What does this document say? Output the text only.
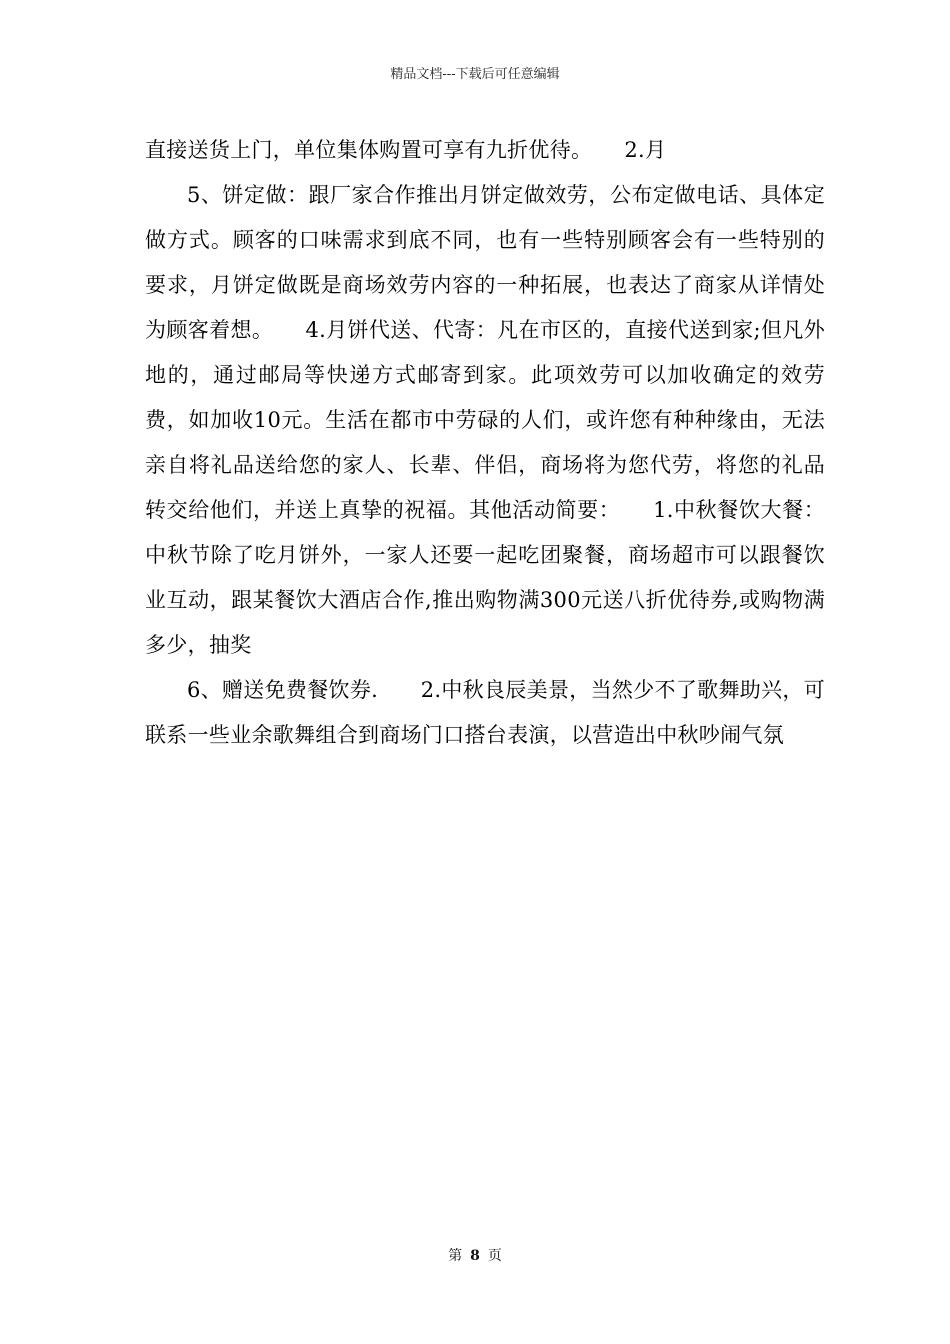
精品文档---下载后可任意编辑

直接送货上门，单位集体购置可享有九折优待。　　2.月

5、饼定做：跟厂家合作推出月饼定做效劳，公布定做电话、具体定做方式。顾客的口味需求到底不同，也有一些特别顾客会有一些特别的要求，月饼定做既是商场效劳内容的一种拓展，也表达了商家从详情处为顾客着想。　　4.月饼代送、代寄：凡在市区的，直接代送到家;但凡外地的，通过邮局等快递方式邮寄到家。此项效劳可以加收确定的效劳费，如加收10元。生活在都市中劳碌的人们，或许您有种种缘由，无法亲自将礼品送给您的家人、长辈、伴侣，商场将为您代劳，将您的礼品转交给他们，并送上真挚的祝福。其他活动简要：　　1.中秋餐饮大餐：中秋节除了吃月饼外，一家人还要一起吃团聚餐，商场超市可以跟餐饮业互动，跟某餐饮大酒店合作,推出购物满300元送八折优待券,或购物满多少，抽奖

6、赠送免费餐饮券.　　2.中秋良辰美景，当然少不了歌舞助兴，可联系一些业余歌舞组合到商场门口搭台表演，以营造出中秋吵闹气氛

第 8 页
